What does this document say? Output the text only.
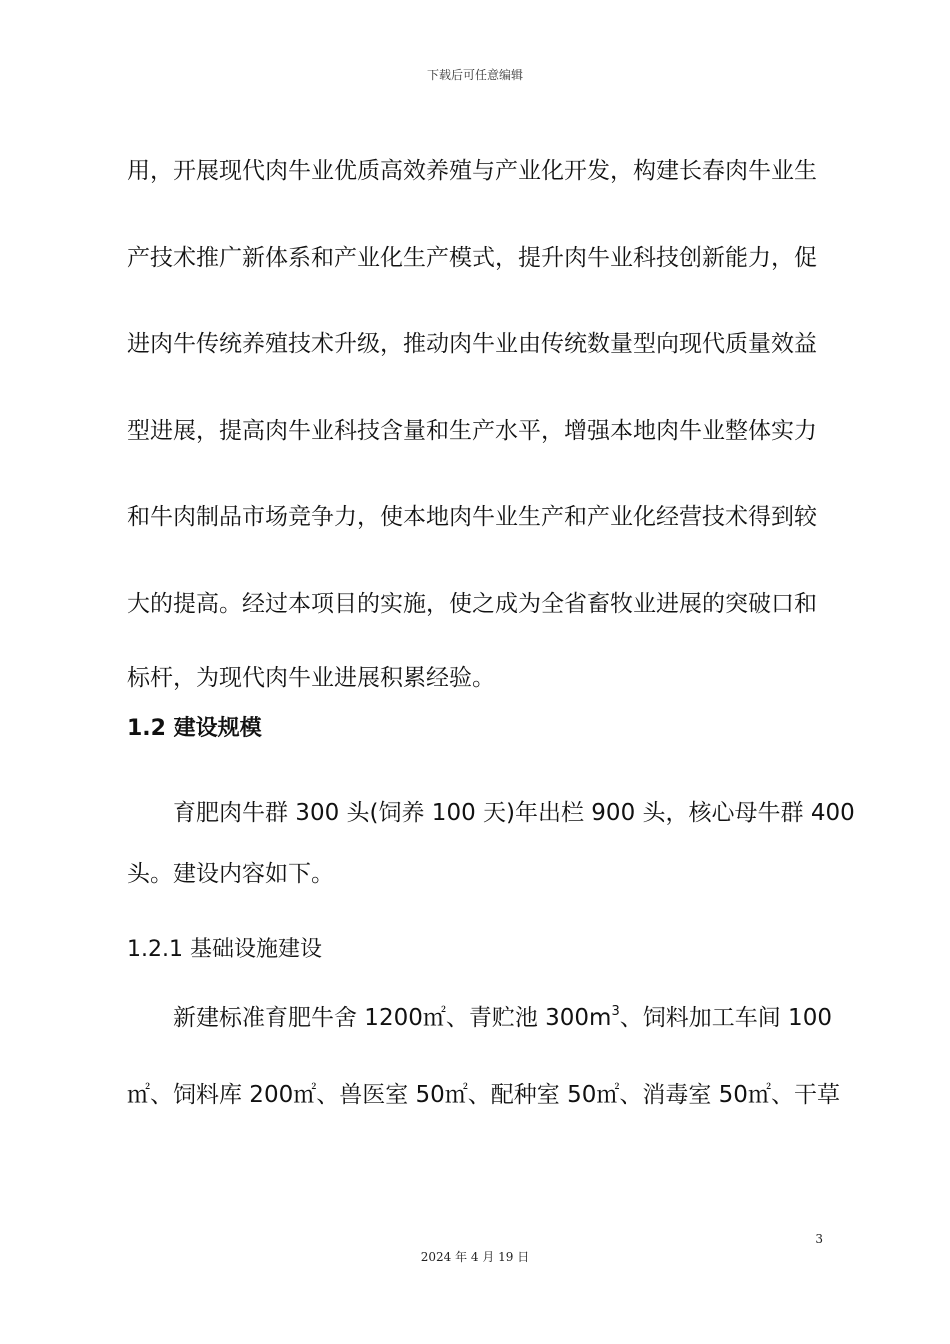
下载后可任意编辑
用，开展现代肉牛业优质高效养殖与产业化开发，构建长春肉牛业生
产技术推广新体系和产业化生产模式，提升肉牛业科技创新能力，促
进肉牛传统养殖技术升级，推动肉牛业由传统数量型向现代质量效益
型进展，提高肉牛业科技含量和生产水平，增强本地肉牛业整体实力
和牛肉制品市场竞争力，使本地肉牛业生产和产业化经营技术得到较
大的提高。经过本项目的实施，使之成为全省畜牧业进展的突破口和
标杆，为现代肉牛业进展积累经验。
1.2 建设规模
育肥肉牛群 300 头(饲养 100 天)年出栏 900 头，核心母牛群 400
头。建设内容如下。
1.2.1 基础设施建设
新建标准育肥牛舍 1200㎡、青贮池 $300m^3$、饲料加工车间 100
㎡、饲料库 200㎡、兽医室 50㎡、配种室 50㎡、消毒室 50㎡、干草
3
2024 年 4 月 19 日
